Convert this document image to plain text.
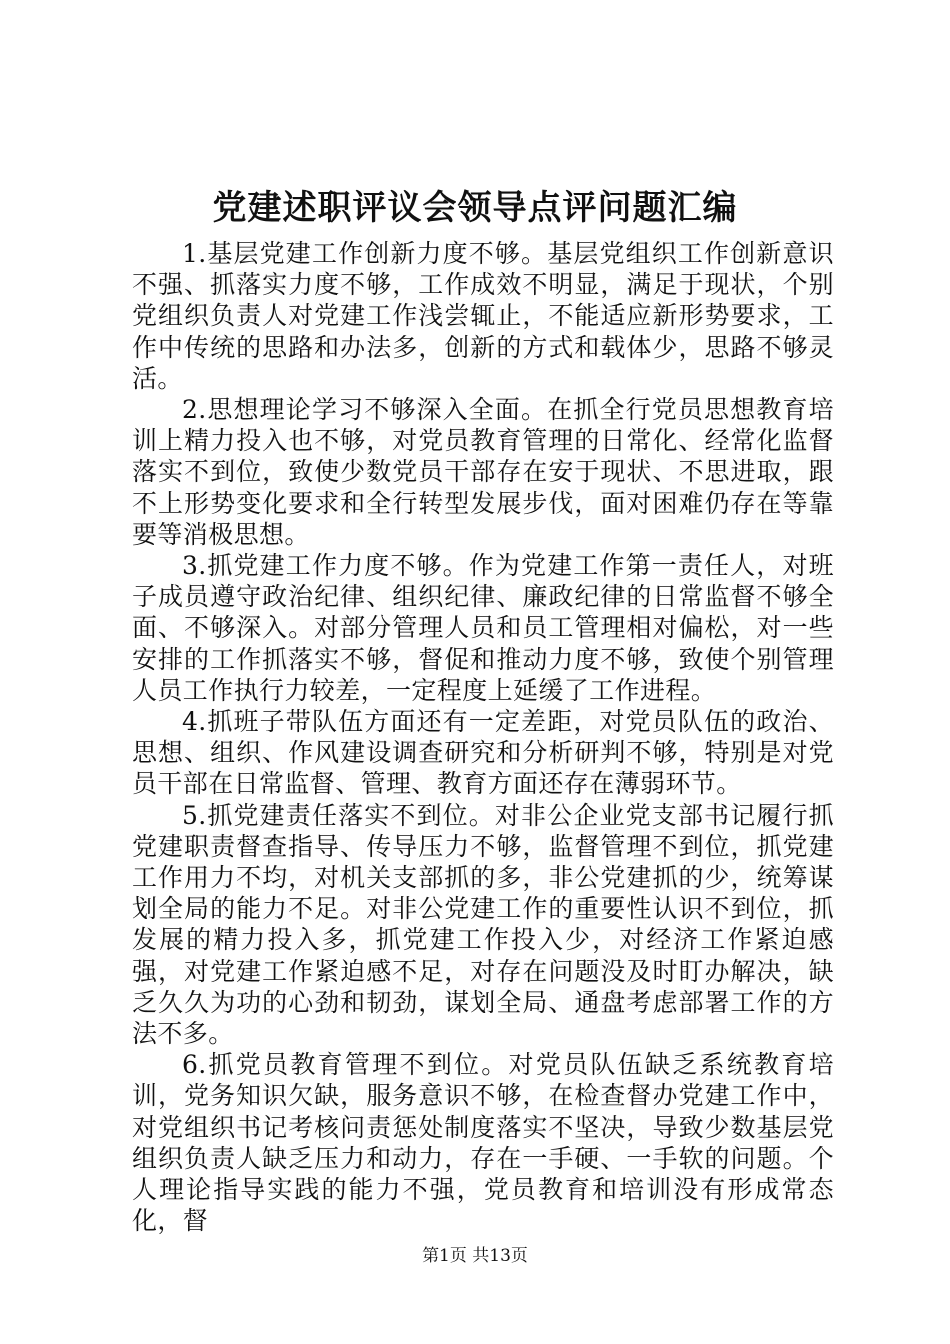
党建述职评议会领导点评问题汇编

1.基层党建工作创新力度不够。基层党组织工作创新意识不强、抓落实力度不够，工作成效不明显，满足于现状，个别党组织负责人对党建工作浅尝辄止，不能适应新形势要求，工作中传统的思路和办法多，创新的方式和载体少，思路不够灵活。

2.思想理论学习不够深入全面。在抓全行党员思想教育培训上精力投入也不够，对党员教育管理的日常化、经常化监督落实不到位，致使少数党员干部存在安于现状、不思进取，跟不上形势变化要求和全行转型发展步伐，面对困难仍存在等靠要等消极思想。

3.抓党建工作力度不够。作为党建工作第一责任人，对班子成员遵守政治纪律、组织纪律、廉政纪律的日常监督不够全面、不够深入。对部分管理人员和员工管理相对偏松，对一些安排的工作抓落实不够，督促和推动力度不够，致使个别管理人员工作执行力较差，一定程度上延缓了工作进程。

4.抓班子带队伍方面还有一定差距，对党员队伍的政治、思想、组织、作风建设调查研究和分析研判不够，特别是对党员干部在日常监督、管理、教育方面还存在薄弱环节。

5.抓党建责任落实不到位。对非公企业党支部书记履行抓党建职责督查指导、传导压力不够，监督管理不到位，抓党建工作用力不均，对机关支部抓的多，非公党建抓的少，统筹谋划全局的能力不足。对非公党建工作的重要性认识不到位，抓发展的精力投入多，抓党建工作投入少，对经济工作紧迫感强，对党建工作紧迫感不足，对存在问题没及时盯办解决，缺乏久久为功的心劲和韧劲，谋划全局、通盘考虑部署工作的方法不多。

6.抓党员教育管理不到位。对党员队伍缺乏系统教育培训，党务知识欠缺，服务意识不够，在检查督办党建工作中，对党组织书记考核问责惩处制度落实不坚决，导致少数基层党组织负责人缺乏压力和动力，存在一手硬、一手软的问题。个人理论指导实践的能力不强，党员教育和培训没有形成常态化，督

第1页 共13页
